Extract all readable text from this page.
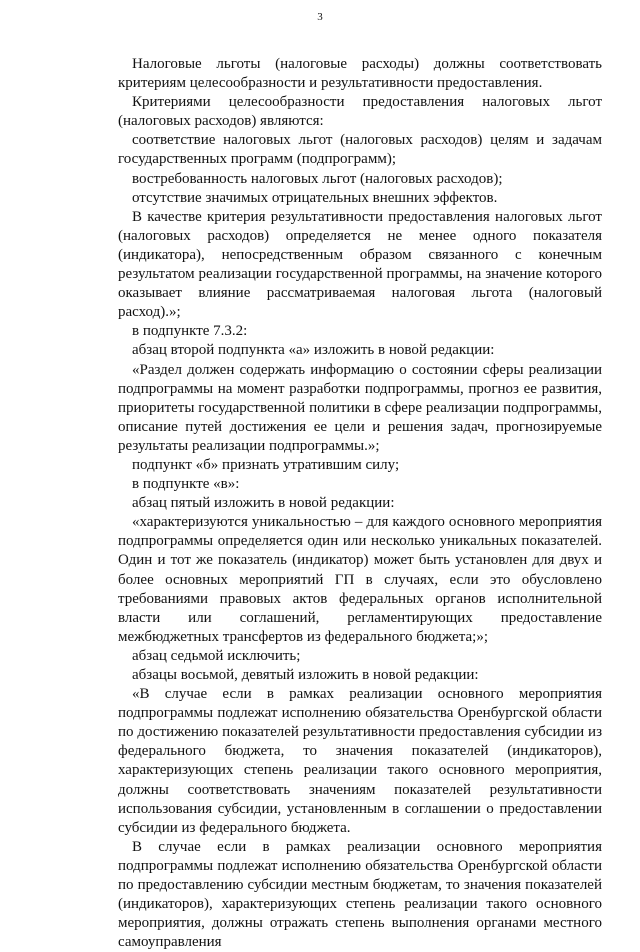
3

Налоговые льготы (налоговые расходы) должны соответствовать критериям целесообразности и результативности предоставления.

Критериями целесообразности предоставления налоговых льгот (налоговых расходов) являются:

соответствие налоговых льгот (налоговых расходов) целям и задачам государственных программ (подпрограмм);

востребованность налоговых льгот (налоговых расходов);

отсутствие значимых отрицательных внешних эффектов.

В качестве критерия результативности предоставления налоговых льгот (налоговых расходов) определяется не менее одного показателя (индикатора), непосредственным образом связанного с конечным результатом реализации государственной программы, на значение которого оказывает влияние рассматриваемая налоговая льгота (налоговый расход).»;

в подпункте 7.3.2:

абзац второй подпункта «а» изложить в новой редакции:

«Раздел должен содержать информацию о состоянии сферы реализации подпрограммы на момент разработки подпрограммы, прогноз ее развития, приоритеты государственной политики в сфере реализации подпрограммы, описание путей достижения ее цели и решения задач, прогнозируемые результаты реализации подпрограммы.»;

подпункт «б» признать утратившим силу;

в подпункте «в»:

абзац пятый изложить в новой редакции:

«характеризуются уникальностью – для каждого основного мероприятия подпрограммы определяется один или несколько уникальных показателей. Один и тот же показатель (индикатор) может быть установлен для двух и более основных мероприятий ГП в случаях, если это обусловлено требованиями правовых актов федеральных органов исполнительной власти или соглашений, регламентирующих предоставление межбюджетных трансфертов из федерального бюджета;»;

абзац седьмой исключить;

абзацы восьмой, девятый изложить в новой редакции:

«В случае если в рамках реализации основного мероприятия подпрограммы подлежат исполнению обязательства Оренбургской области по достижению показателей результативности предоставления субсидии из федерального бюджета, то значения показателей (индикаторов), характеризующих степень реализации такого основного мероприятия, должны соответствовать значениям показателей результативности использования субсидии, установленным в соглашении о предоставлении субсидии из федерального бюджета.

В случае если в рамках реализации основного мероприятия подпрограммы подлежат исполнению обязательства Оренбургской области по предоставлению субсидии местным бюджетам, то значения показателей (индикаторов), характеризующих степень реализации такого основного мероприятия, должны отражать степень выполнения органами местного самоуправления
